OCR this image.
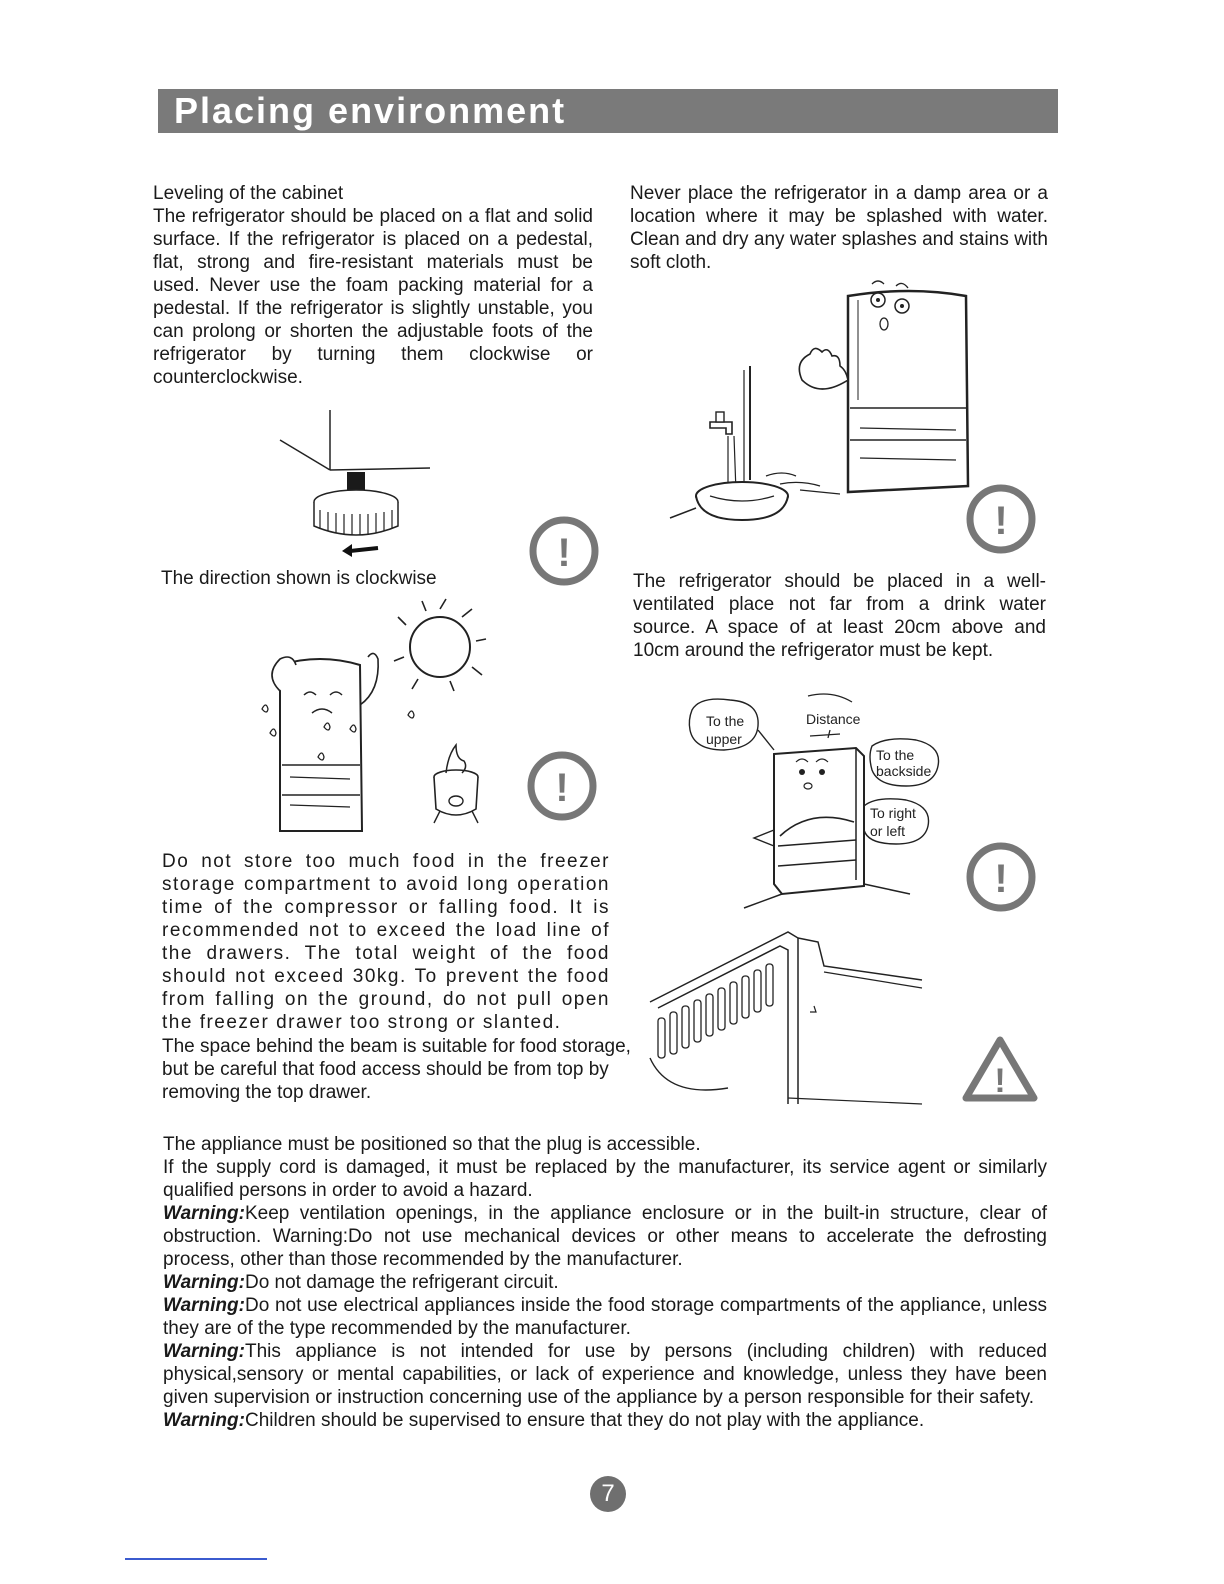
Placing environment

Leveling of the cabinet

The refrigerator should be placed on a flat and solid surface. If the refrigerator is placed on a pedestal, flat, strong and fire-resistant materials must be used. Never use the foam packing material for a pedestal. If the refrigerator is slightly unstable, you can prolong or shorten the adjustable foots of the refrigerator by turning them clockwise or counterclockwise.

!
The direction shown is clockwise
!
Do not store too much food in the freezer storage compartment to avoid long operation time of the compressor or falling food. It is recommended not to exceed the load line of the drawers. The total weight of the food should not exceed 30kg. To prevent the food from falling on the ground, do not pull open the freezer drawer too strong or slanted.
The space behind the beam is suitable for food storage, but be careful that food access should be from top by removing the top drawer.
Never place the refrigerator in a damp area or a location where it may be splashed with water. Clean and dry any water splashes and stains with soft cloth.
!
The refrigerator should be placed in a well-ventilated place not far from a drink water source. A space of at least 20cm above and 10cm around the refrigerator must be kept.
To the
upper
Distance
To the
backside
To right
or left
!
!

The appliance must be positioned so that the plug is accessible.

If the supply cord is damaged, it must be replaced by the manufacturer, its service agent or similarly qualified persons in order to avoid a hazard.

Warning:Keep ventilation openings, in the appliance enclosure or in the built-in structure, clear of obstruction. Warning:Do not use mechanical devices or other means to accelerate the defrosting process, other than those recommended by the manufacturer.

Warning:Do not damage the refrigerant circuit.

Warning:Do not use electrical appliances inside the food storage compartments of the appliance, unless they are of the type recommended by the manufacturer.

Warning:This appliance is not intended for use by persons (including children) with reduced physical,sensory or mental capabilities, or lack of experience and knowledge, unless they have been given supervision or instruction concerning use of the appliance by a person responsible for their safety.

Warning:Children should be supervised to ensure that they do not play with the appliance.

7
